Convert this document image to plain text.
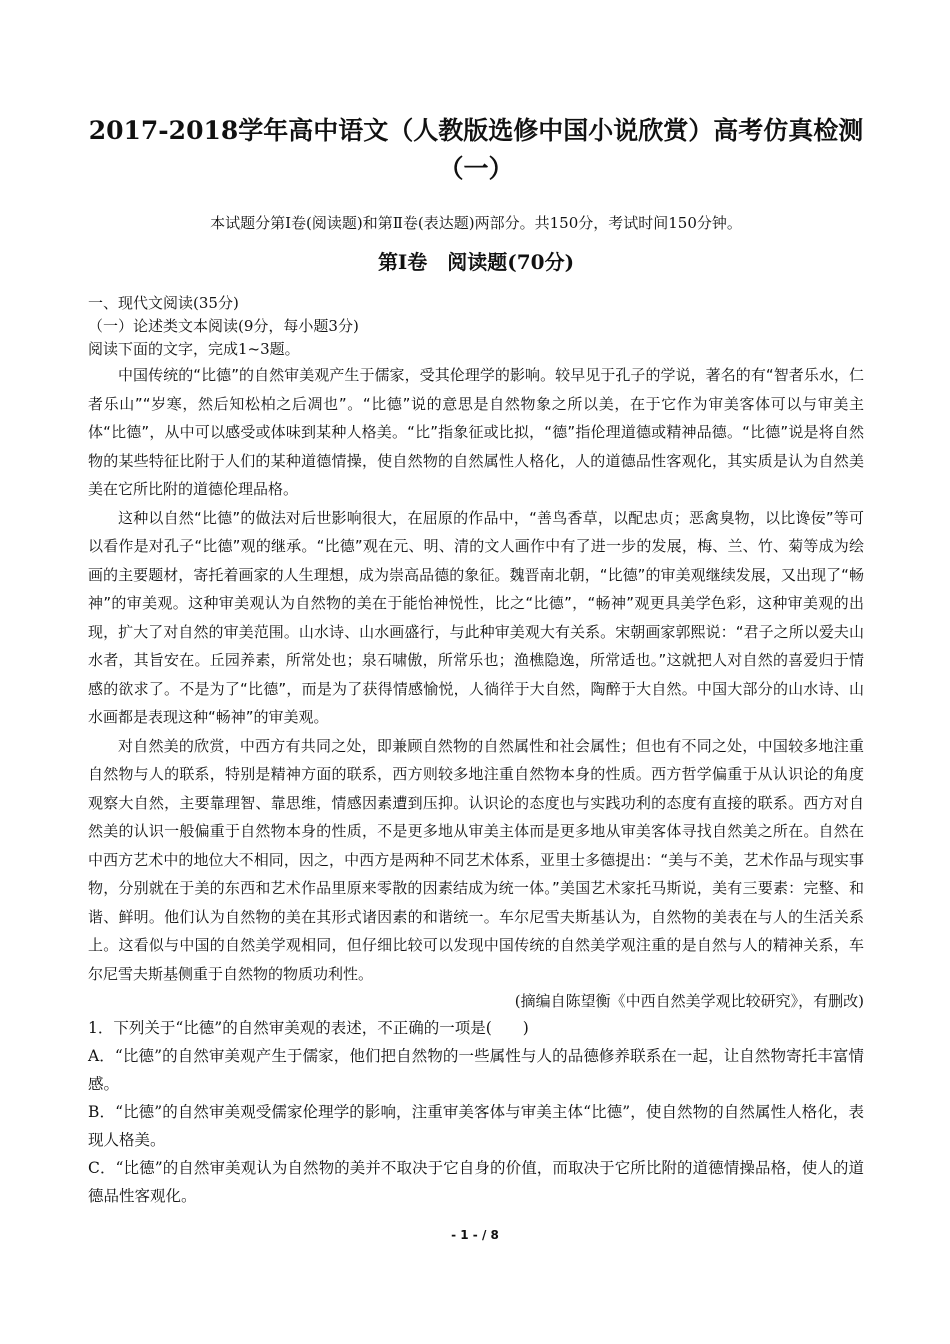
2017-2018学年高中语文（人教版选修中国小说欣赏）高考仿真检测
（一）

本试题分第Ⅰ卷(阅读题)和第Ⅱ卷(表达题)两部分。共150分，考试时间150分钟。

第Ⅰ卷　阅读题(70分)

一、现代文阅读(35分)

（一）论述类文本阅读(9分，每小题3分)

阅读下面的文字，完成1~3题。

中国传统的“比德”的自然审美观产生于儒家，受其伦理学的影响。较早见于孔子的学说，著名的有“智者乐水，仁者乐山”“岁寒，然后知松柏之后凋也”。“比德”说的意思是自然物象之所以美，在于它作为审美客体可以与审美主体“比德”，从中可以感受或体味到某种人格美。“比”指象征或比拟，“德”指伦理道德或精神品德。“比德”说是将自然物的某些特征比附于人们的某种道德情操，使自然物的自然属性人格化，人的道德品性客观化，其实质是认为自然美美在它所比附的道德伦理品格。

这种以自然“比德”的做法对后世影响很大，在屈原的作品中，“善鸟香草，以配忠贞；恶禽臭物，以比谗佞”等可以看作是对孔子“比德”观的继承。“比德”观在元、明、清的文人画作中有了进一步的发展，梅、兰、竹、菊等成为绘画的主要题材，寄托着画家的人生理想，成为崇高品德的象征。魏晋南北朝，“比德”的审美观继续发展，又出现了“畅神”的审美观。这种审美观认为自然物的美在于能怡神悦性，比之“比德”，“畅神”观更具美学色彩，这种审美观的出现，扩大了对自然的审美范围。山水诗、山水画盛行，与此种审美观大有关系。宋朝画家郭熙说：“君子之所以爱夫山水者，其旨安在。丘园养素，所常处也；泉石啸傲，所常乐也；渔樵隐逸，所常适也。”这就把人对自然的喜爱归于情感的欲求了。不是为了“比德”，而是为了获得情感愉悦，人徜徉于大自然，陶醉于大自然。中国大部分的山水诗、山水画都是表现这种“畅神”的审美观。

对自然美的欣赏，中西方有共同之处，即兼顾自然物的自然属性和社会属性；但也有不同之处，中国较多地注重自然物与人的联系，特别是精神方面的联系，西方则较多地注重自然物本身的性质。西方哲学偏重于从认识论的角度观察大自然，主要靠理智、靠思维，情感因素遭到压抑。认识论的态度也与实践功利的态度有直接的联系。西方对自然美的认识一般偏重于自然物本身的性质，不是更多地从审美主体而是更多地从审美客体寻找自然美之所在。自然在中西方艺术中的地位大不相同，因之，中西方是两种不同艺术体系，亚里士多德提出：“美与不美，艺术作品与现实事物，分别就在于美的东西和艺术作品里原来零散的因素结成为统一体。”美国艺术家托马斯说，美有三要素：完整、和谐、鲜明。他们认为自然物的美在其形式诸因素的和谐统一。车尔尼雪夫斯基认为，自然物的美表在与人的生活关系上。这看似与中国的自然美学观相同，但仔细比较可以发现中国传统的自然美学观注重的是自然与人的精神关系，车尔尼雪夫斯基侧重于自然物的物质功利性。

(摘编自陈望衡《中西自然美学观比较研究》，有删改)

1．下列关于“比德”的自然审美观的表述，不正确的一项是(　　)

A．“比德”的自然审美观产生于儒家，他们把自然物的一些属性与人的品德修养联系在一起，让自然物寄托丰富情感。

B．“比德”的自然审美观受儒家伦理学的影响，注重审美客体与审美主体“比德”，使自然物的自然属性人格化，表现人格美。

C．“比德”的自然审美观认为自然物的美并不取决于它自身的价值，而取决于它所比附的道德情操品格，使人的道德品性客观化。

- 1 - / 8
